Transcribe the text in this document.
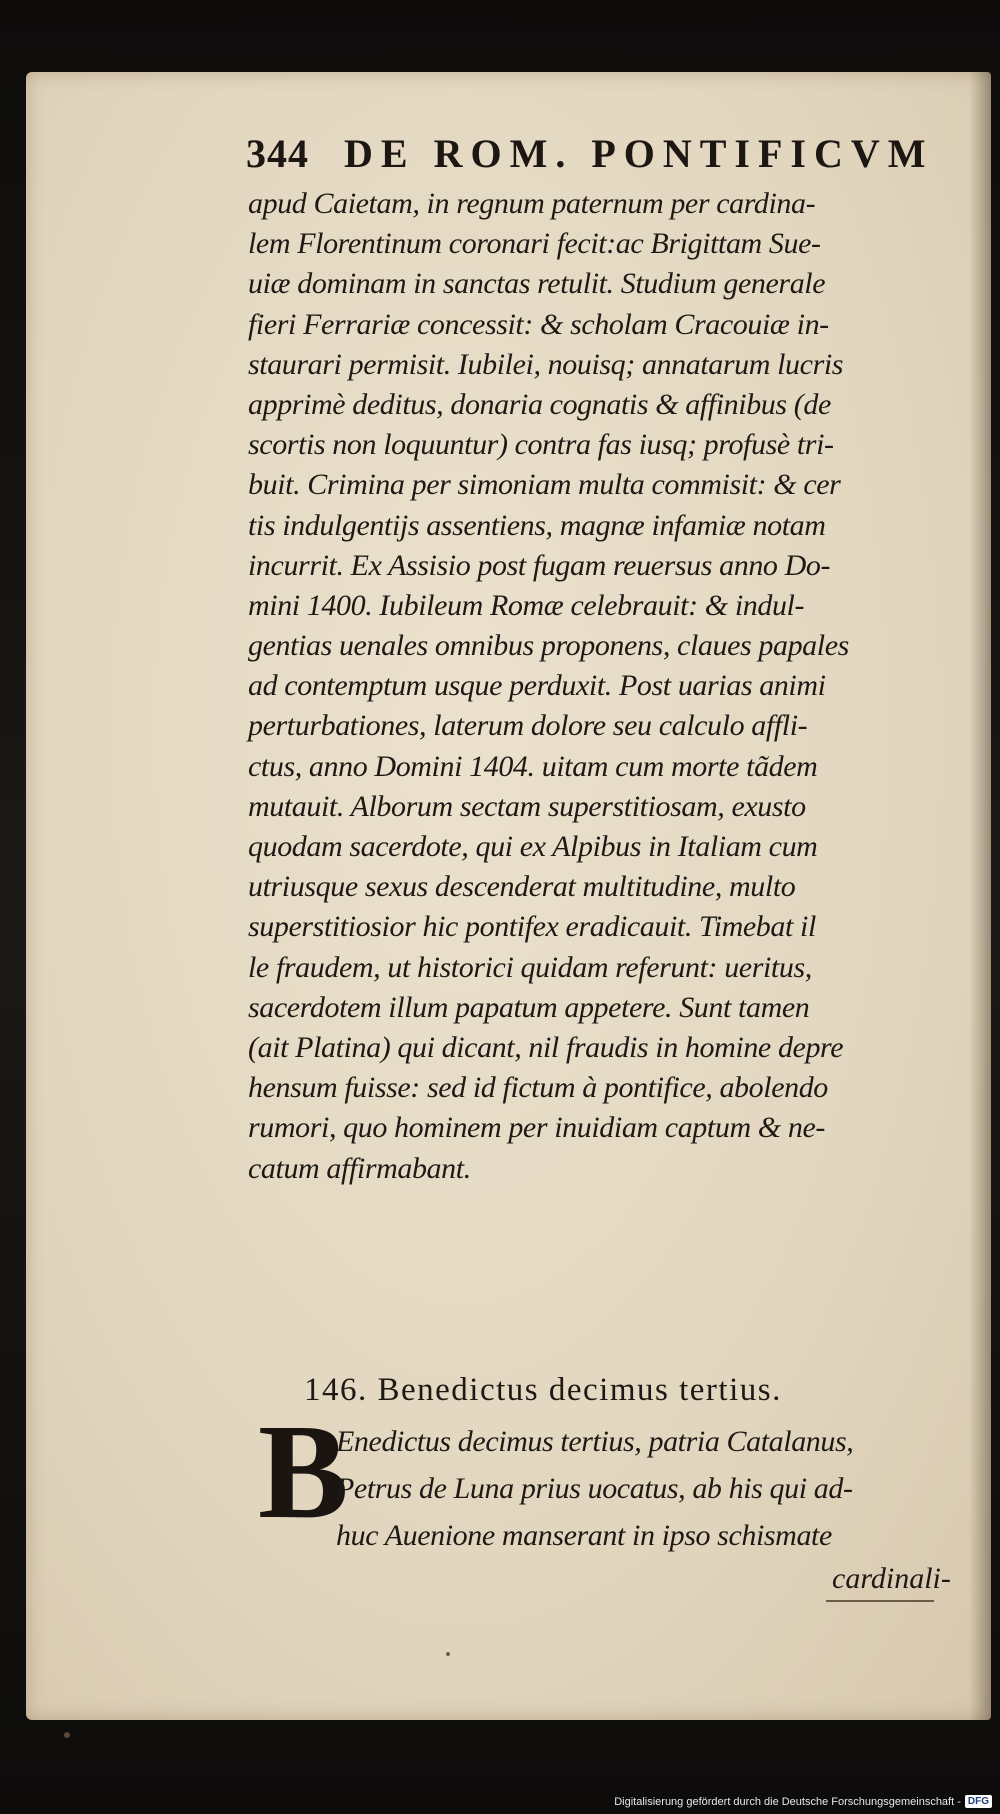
344 DE ROM. PONTIFICVM
apud Caietam, in regnum paternum per cardina-
lem Florentinum coronari fecit:ac Brigittam Sue-
uiæ dominam in sanctas retulit. Studium generale
fieri Ferrariæ concessit: & scholam Cracouiæ in-
staurari permisit. Iubilei, nouisq; annatarum lucris
apprimè deditus, donaria cognatis & affinibus (de
scortis non loquuntur) contra fas iusq; profusè tri-
buit. Crimina per simoniam multa commisit: & cer
tis indulgentijs assentiens, magnæ infamiæ notam
incurrit. Ex Assisio post fugam reuersus anno Do-
mini 1400. Iubileum Romæ celebrauit: & indul-
gentias uenales omnibus proponens, claues papales
ad contemptum usque perduxit. Post uarias animi
perturbationes, laterum dolore seu calculo affli-
ctus, anno Domini 1404. uitam cum morte tãdem
mutauit. Alborum sectam superstitiosam, exusto
quodam sacerdote, qui ex Alpibus in Italiam cum
utriusque sexus descenderat multitudine, multo
superstitiosior hic pontifex eradicauit. Timebat il
le fraudem, ut historici quidam referunt: ueritus,
sacerdotem illum papatum appetere. Sunt tamen
(ait Platina) qui dicant, nil fraudis in homine depre
hensum fuisse: sed id fictum à pontifice, abolendo
rumori, quo hominem per inuidiam captum & ne-
catum affirmabant.
146. Benedictus decimus tertius.
B
Enedictus decimus tertius, patria Catalanus,
Petrus de Luna prius uocatus, ab his qui ad-
huc Auenione manserant in ipso schismate
cardinali-
Digitalisierung gefördert durch die Deutsche Forschungsgemeinschaft - DFG
